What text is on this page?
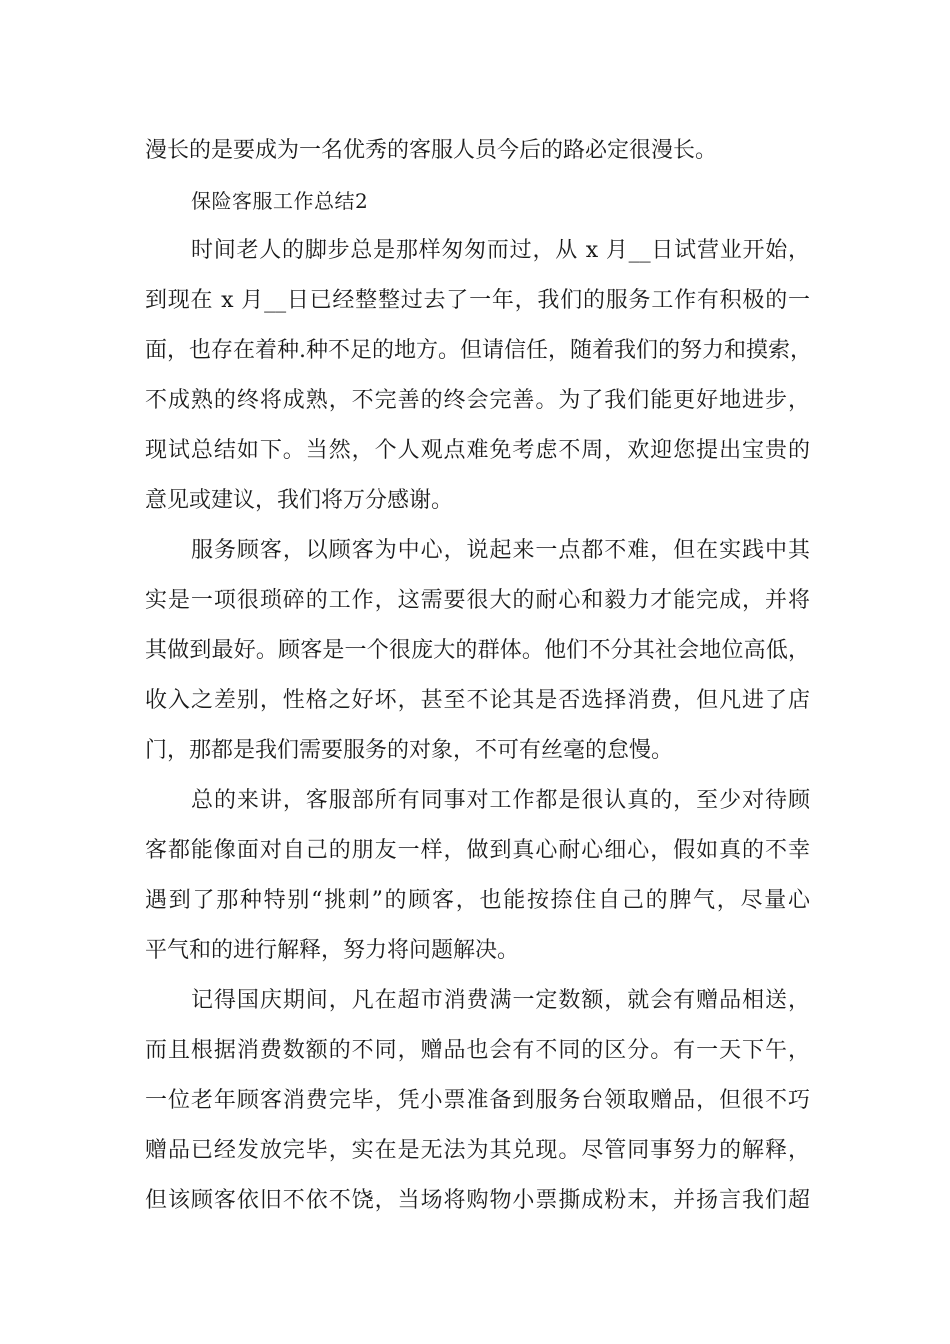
漫长的是要成为一名优秀的客服人员今后的路必定很漫长。
保险客服工作总结2
时间老人的脚步总是那样匆匆而过，从 x 月__日试营业开始，
到现在 x 月__日已经整整过去了一年，我们的服务工作有积极的一
面，也存在着种.种不足的地方。但请信任，随着我们的努力和摸索，
不成熟的终将成熟，不完善的终会完善。为了我们能更好地进步，
现试总结如下。当然，个人观点难免考虑不周，欢迎您提出宝贵的
意见或建议，我们将万分感谢。
服务顾客，以顾客为中心，说起来一点都不难，但在实践中其
实是一项很琐碎的工作，这需要很大的耐心和毅力才能完成，并将
其做到最好。顾客是一个很庞大的群体。他们不分其社会地位高低，
收入之差别，性格之好坏，甚至不论其是否选择消费，但凡进了店
门，那都是我们需要服务的对象，不可有丝毫的怠慢。
总的来讲，客服部所有同事对工作都是很认真的，至少对待顾
客都能像面对自己的朋友一样，做到真心耐心细心，假如真的不幸
遇到了那种特别“挑刺”的顾客，也能按捺住自己的脾气，尽量心
平气和的进行解释，努力将问题解决。
记得国庆期间，凡在超市消费满一定数额，就会有赠品相送，
而且根据消费数额的不同，赠品也会有不同的区分。有一天下午，
一位老年顾客消费完毕，凭小票准备到服务台领取赠品，但很不巧
赠品已经发放完毕，实在是无法为其兑现。尽管同事努力的解释，
但该顾客依旧不依不饶，当场将购物小票撕成粉末，并扬言我们超
